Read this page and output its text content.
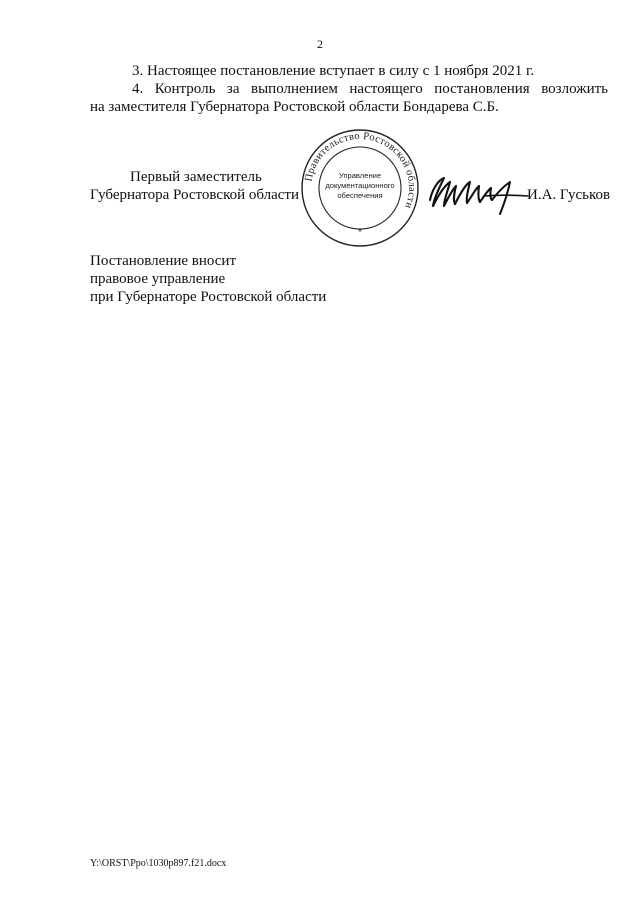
2
3. Настоящее постановление вступает в силу с 1 ноября 2021 г.
4. Контроль за выполнением настоящего постановления возложить
на заместителя Губернатора Ростовской области Бондарева С.Б.
Первый заместитель
Губернатора Ростовской области
Правительство Ростовской области
Управление
документационного
обеспечения
*
И.А. Гуськов
Постановление вносит
правовое управление
при Губернаторе Ростовской области
Y:\ORST\Ppo\1030p897.f21.docx
